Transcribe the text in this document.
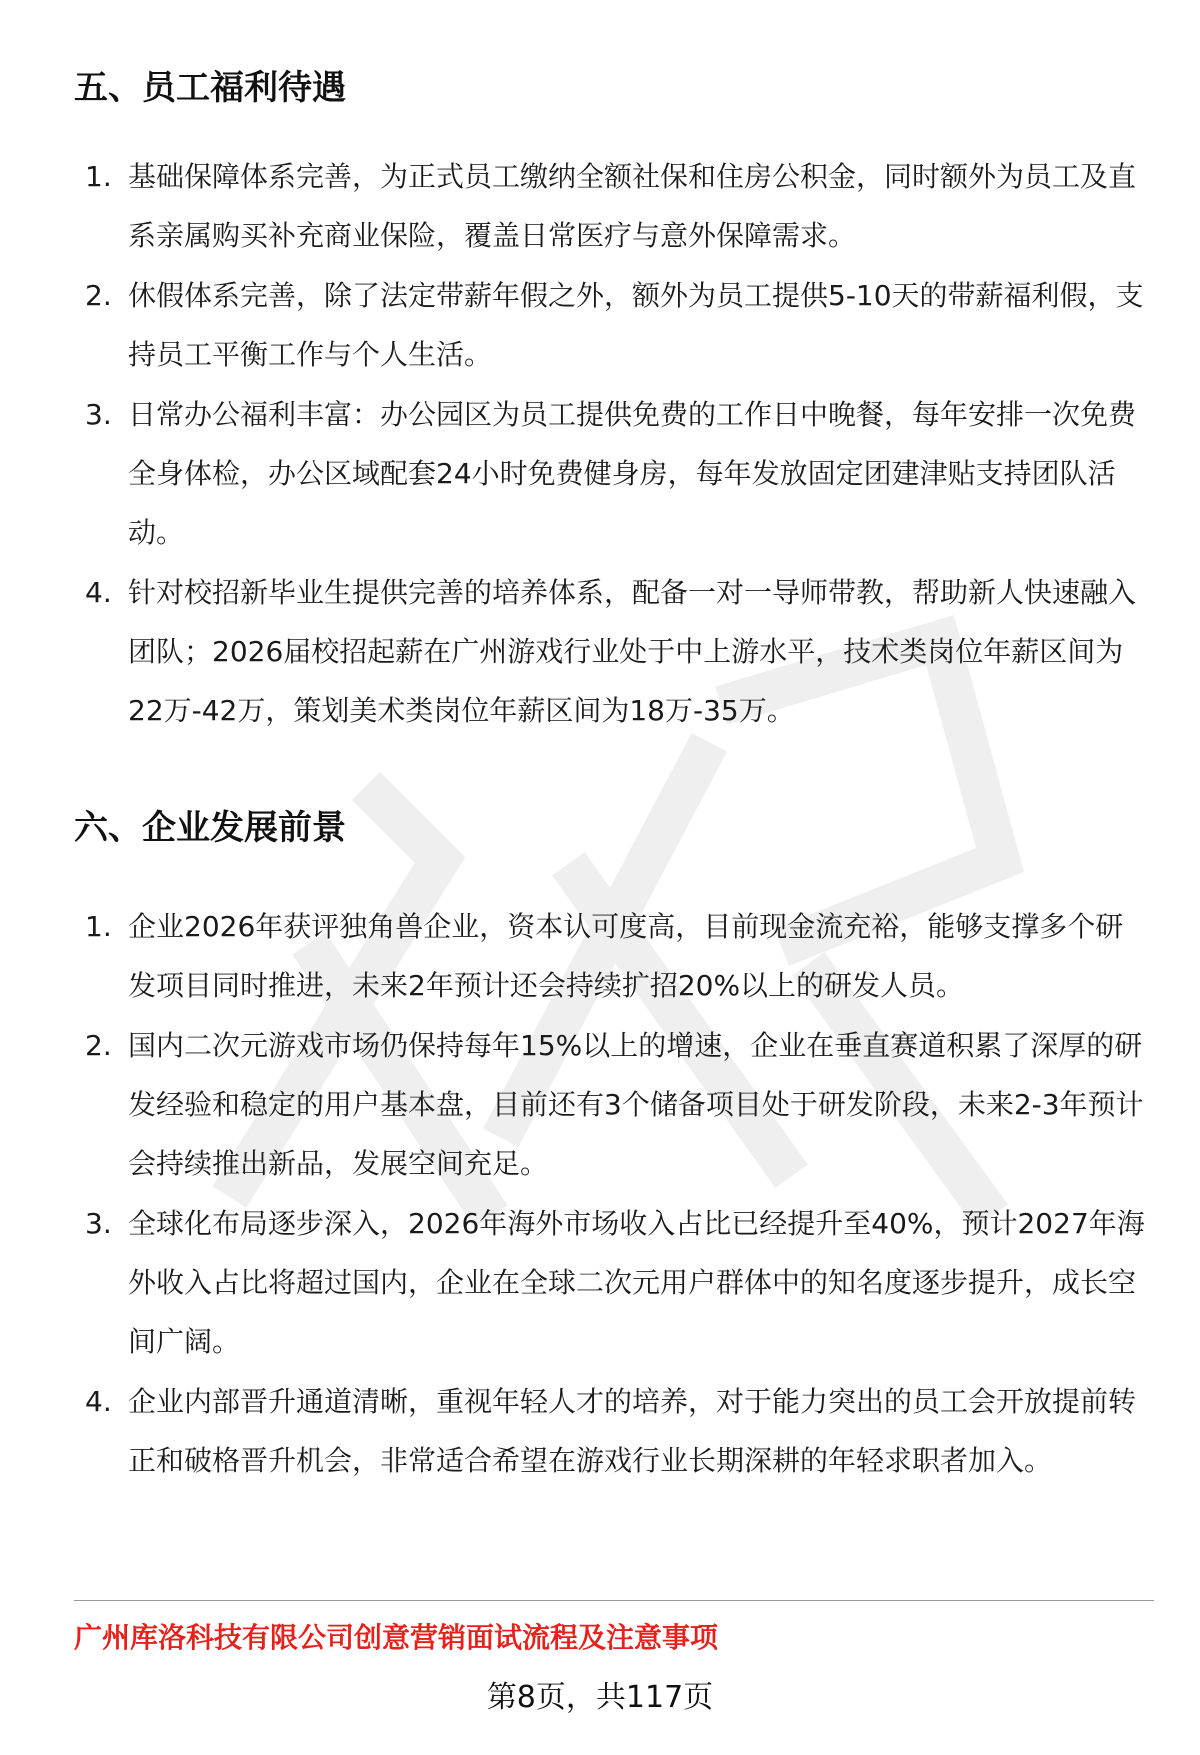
五、员工福利待遇
1. 基础保障体系完善，为正式员工缴纳全额社保和住房公积金，同时额外为员工及直系亲属购买补充商业保险，覆盖日常医疗与意外保障需求。
2. 休假体系完善，除了法定带薪年假之外，额外为员工提供5-10天的带薪福利假，支持员工平衡工作与个人生活。
3. 日常办公福利丰富：办公园区为员工提供免费的工作日中晚餐，每年安排一次免费全身体检，办公区域配套24小时免费健身房，每年发放固定团建津贴支持团队活动。
4. 针对校招新毕业生提供完善的培养体系，配备一对一导师带教，帮助新人快速融入团队；2026届校招起薪在广州游戏行业处于中上游水平，技术类岗位年薪区间为22万-42万，策划美术类岗位年薪区间为18万-35万。
六、企业发展前景
1. 企业2026年获评独角兽企业，资本认可度高，目前现金流充裕，能够支撑多个研发项目同时推进，未来2年预计还会持续扩招20%以上的研发人员。
2. 国内二次元游戏市场仍保持每年15%以上的增速，企业在垂直赛道积累了深厚的研发经验和稳定的用户基本盘，目前还有3个储备项目处于研发阶段，未来2-3年预计会持续推出新品，发展空间充足。
3. 全球化布局逐步深入，2026年海外市场收入占比已经提升至40%，预计2027年海外收入占比将超过国内，企业在全球二次元用户群体中的知名度逐步提升，成长空间广阔。
4. 企业内部晋升通道清晰，重视年轻人才的培养，对于能力突出的员工会开放提前转正和破格晋升机会，非常适合希望在游戏行业长期深耕的年轻求职者加入。
广州库洛科技有限公司创意营销面试流程及注意事项
第8页，共117页
